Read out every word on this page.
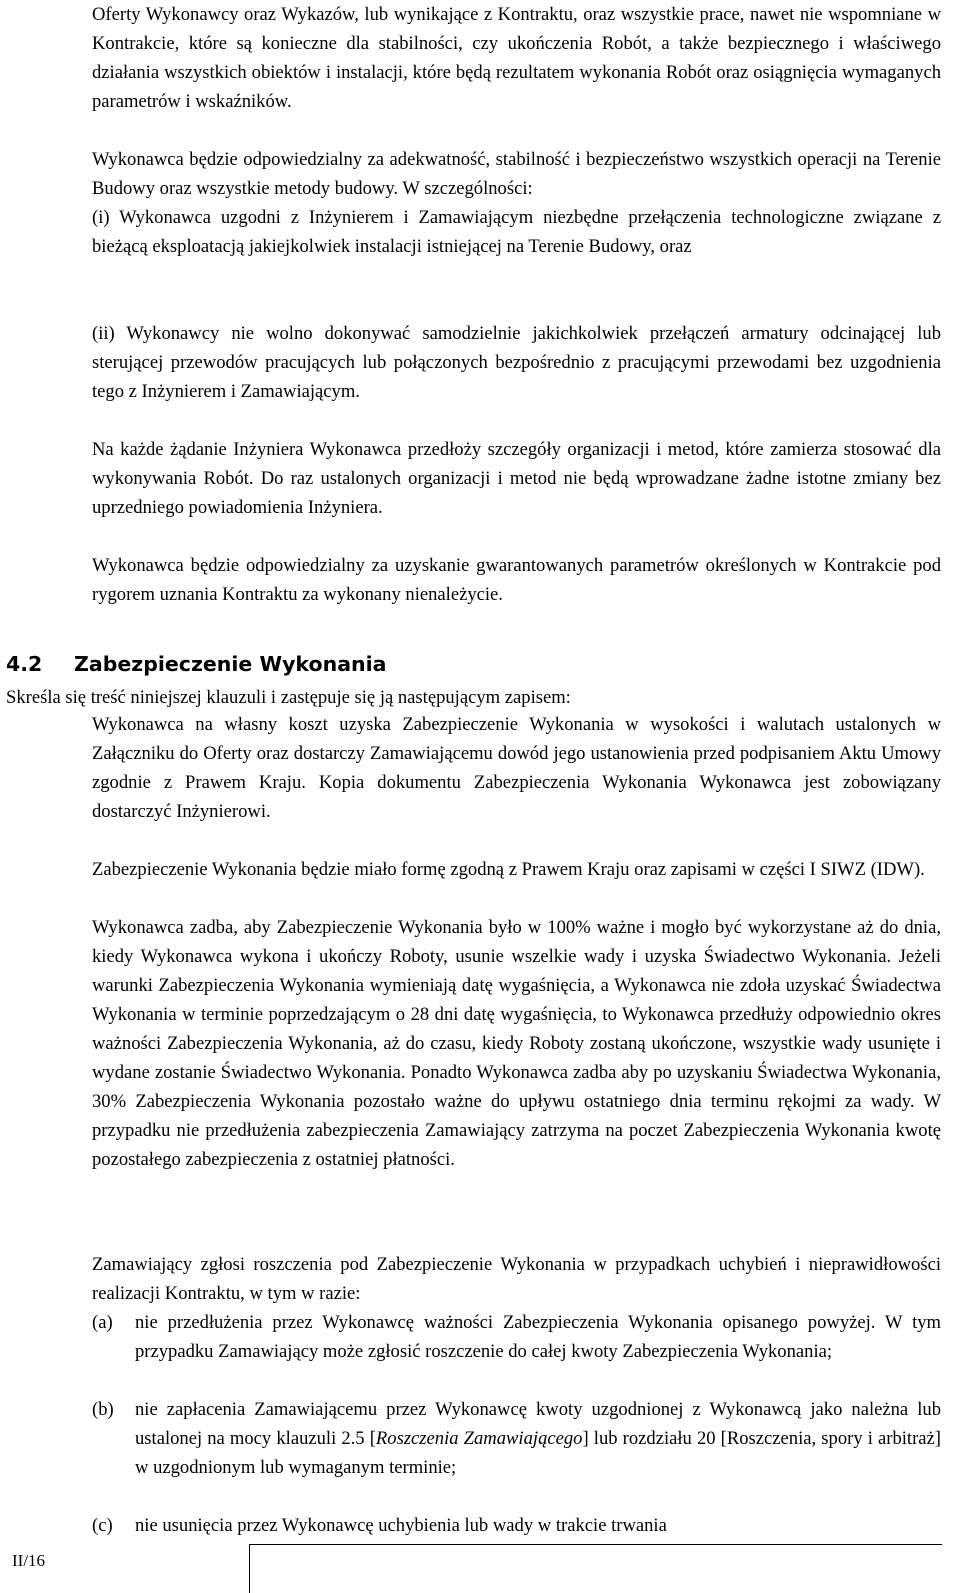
Oferty Wykonawcy oraz Wykazów, lub wynikające z Kontraktu, oraz wszystkie prace, nawet nie wspomniane w Kontrakcie, które są konieczne dla stabilności, czy ukończenia Robót, a także bezpiecznego i właściwego działania wszystkich obiektów i instalacji, które będą rezultatem wykonania Robót oraz osiągnięcia wymaganych parametrów i wskaźników.

Wykonawca będzie odpowiedzialny za adekwatność, stabilność i bezpieczeństwo wszystkich operacji na Terenie Budowy oraz wszystkie metody budowy. W szczególności:

(i) Wykonawca uzgodni z Inżynierem i Zamawiającym niezbędne przełączenia technologiczne związane z bieżącą eksploatacją jakiejkolwiek instalacji istniejącej na Terenie Budowy, oraz

(ii) Wykonawcy nie wolno dokonywać samodzielnie jakichkolwiek przełączeń armatury odcinającej lub sterującej przewodów pracujących lub połączonych bezpośrednio z pracującymi przewodami bez uzgodnienia tego z Inżynierem i Zamawiającym.

Na każde żądanie Inżyniera Wykonawca przedłoży szczegóły organizacji i metod, które zamierza stosować dla wykonywania Robót. Do raz ustalonych organizacji i metod nie będą wprowadzane żadne istotne zmiany bez uprzedniego powiadomienia Inżyniera.

Wykonawca będzie odpowiedzialny za uzyskanie gwarantowanych parametrów określonych w Kontrakcie pod rygorem uznania Kontraktu za wykonany nienależycie.

4.2 Zabezpieczenie Wykonania

Skreśla się treść niniejszej klauzuli i zastępuje się ją następującym zapisem:

Wykonawca na własny koszt uzyska Zabezpieczenie Wykonania w wysokości i walutach ustalonych w Załączniku do Oferty oraz dostarczy Zamawiającemu dowód jego ustanowienia przed podpisaniem Aktu Umowy zgodnie z Prawem Kraju. Kopia dokumentu Zabezpieczenia Wykonania Wykonawca jest zobowiązany dostarczyć Inżynierowi.

Zabezpieczenie Wykonania będzie miało formę zgodną z Prawem Kraju oraz zapisami w części I SIWZ (IDW).

Wykonawca zadba, aby Zabezpieczenie Wykonania było w 100% ważne i mogło być wykorzystane aż do dnia, kiedy Wykonawca wykona i ukończy Roboty, usunie wszelkie wady i uzyska Świadectwo Wykonania. Jeżeli warunki Zabezpieczenia Wykonania wymieniają datę wygaśnięcia, a Wykonawca nie zdoła uzyskać Świadectwa Wykonania w terminie poprzedzającym o 28 dni datę wygaśnięcia, to Wykonawca przedłuży odpowiednio okres ważności Zabezpieczenia Wykonania, aż do czasu, kiedy Roboty zostaną ukończone, wszystkie wady usunięte i wydane zostanie Świadectwo Wykonania. Ponadto Wykonawca zadba aby po uzyskaniu Świadectwa Wykonania, 30% Zabezpieczenia Wykonania pozostało ważne do upływu ostatniego dnia terminu rękojmi za wady. W przypadku nie przedłużenia zabezpieczenia Zamawiający zatrzyma na poczet Zabezpieczenia Wykonania kwotę pozostałego zabezpieczenia z ostatniej płatności.

Zamawiający zgłosi roszczenia pod Zabezpieczenie Wykonania w przypadkach uchybień i nieprawidłowości realizacji Kontraktu, w tym w razie:

(a) nie przedłużenia przez Wykonawcę ważności Zabezpieczenia Wykonania opisanego powyżej. W tym przypadku Zamawiający może zgłosić roszczenie do całej kwoty Zabezpieczenia Wykonania;

(b) nie zapłacenia Zamawiającemu przez Wykonawcę kwoty uzgodnionej z Wykonawcą jako należna lub ustalonej na mocy klauzuli 2.5 [Roszczenia Zamawiającego] lub rozdziału 20 [Roszczenia, spory i arbitraż] w uzgodnionym lub wymaganym terminie;

(c) nie usunięcia przez Wykonawcę uchybienia lub wady w trakcie trwania

II/16
